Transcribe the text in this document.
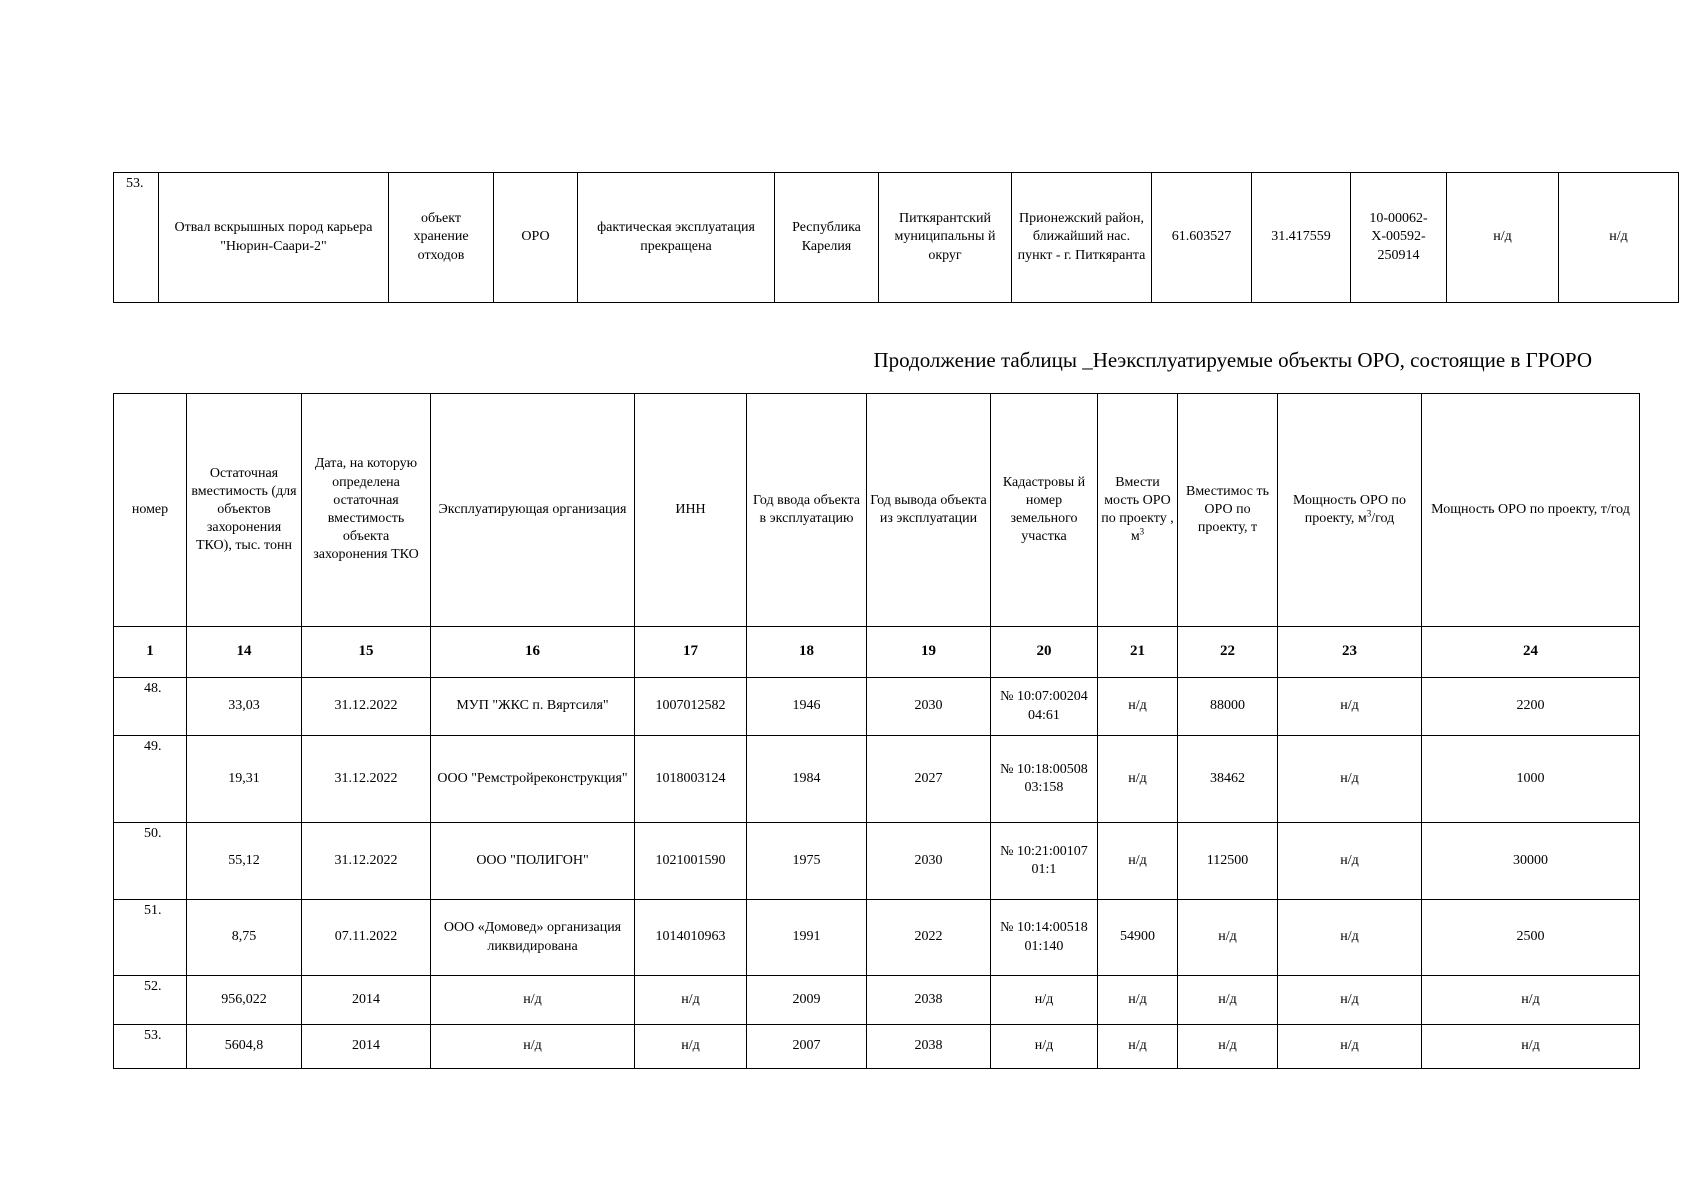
53.	Отвал вскрышных пород карьера "Нюрин-Саари-2"	объект хранение отходов	ОРО	фактическая эксплуатация прекращена	Республика Карелия	Питкярантский муниципальны й округ	Прионежский район, ближайший нас. пункт - г. Питкяранта	61.603527	31.417559	10-00062-Х-00592-250914	н/д	н/д
Продолжение таблицы _Неэксплуатируемые объекты ОРО, состоящие в ГРОРО
номер	Остаточная вместимость (для объектов захоронения ТКО), тыс. тонн	Дата, на которую определена остаточная вместимость объекта захоронения ТКО	Эксплуатирующая организация	ИНН	Год ввода объекта в эксплуатацию	Год вывода объекта из эксплуатации	Кадастровы й номер земельного участка	Вмести мость ОРО по проекту , $м^3$	Вместимос ть ОРО по проекту, т	Мощность ОРО по проекту, $м^3$/год	Мощность ОРО по проекту, т/год
1	14	15	16	17	18	19	20	21	22	23	24
48.	33,03	31.12.2022	МУП "ЖКС п. Вяртсиля"	1007012582	1946	2030	№ 10:07:00204 04:61	н/д	88000	н/д	2200
49.	19,31	31.12.2022	ООО "Ремстройреконструкция"	1018003124	1984	2027	№ 10:18:00508 03:158	н/д	38462	н/д	1000
50.	55,12	31.12.2022	ООО "ПОЛИГОН"	1021001590	1975	2030	№ 10:21:00107 01:1	н/д	112500	н/д	30000
51.	8,75	07.11.2022	ООО «Домовед» организация ликвидирована	1014010963	1991	2022	№ 10:14:00518 01:140	54900	н/д	н/д	2500
52.	956,022	2014	н/д	н/д	2009	2038	н/д	н/д	н/д	н/д	н/д
53.	5604,8	2014	н/д	н/д	2007	2038	н/д	н/д	н/д	н/д	н/д
